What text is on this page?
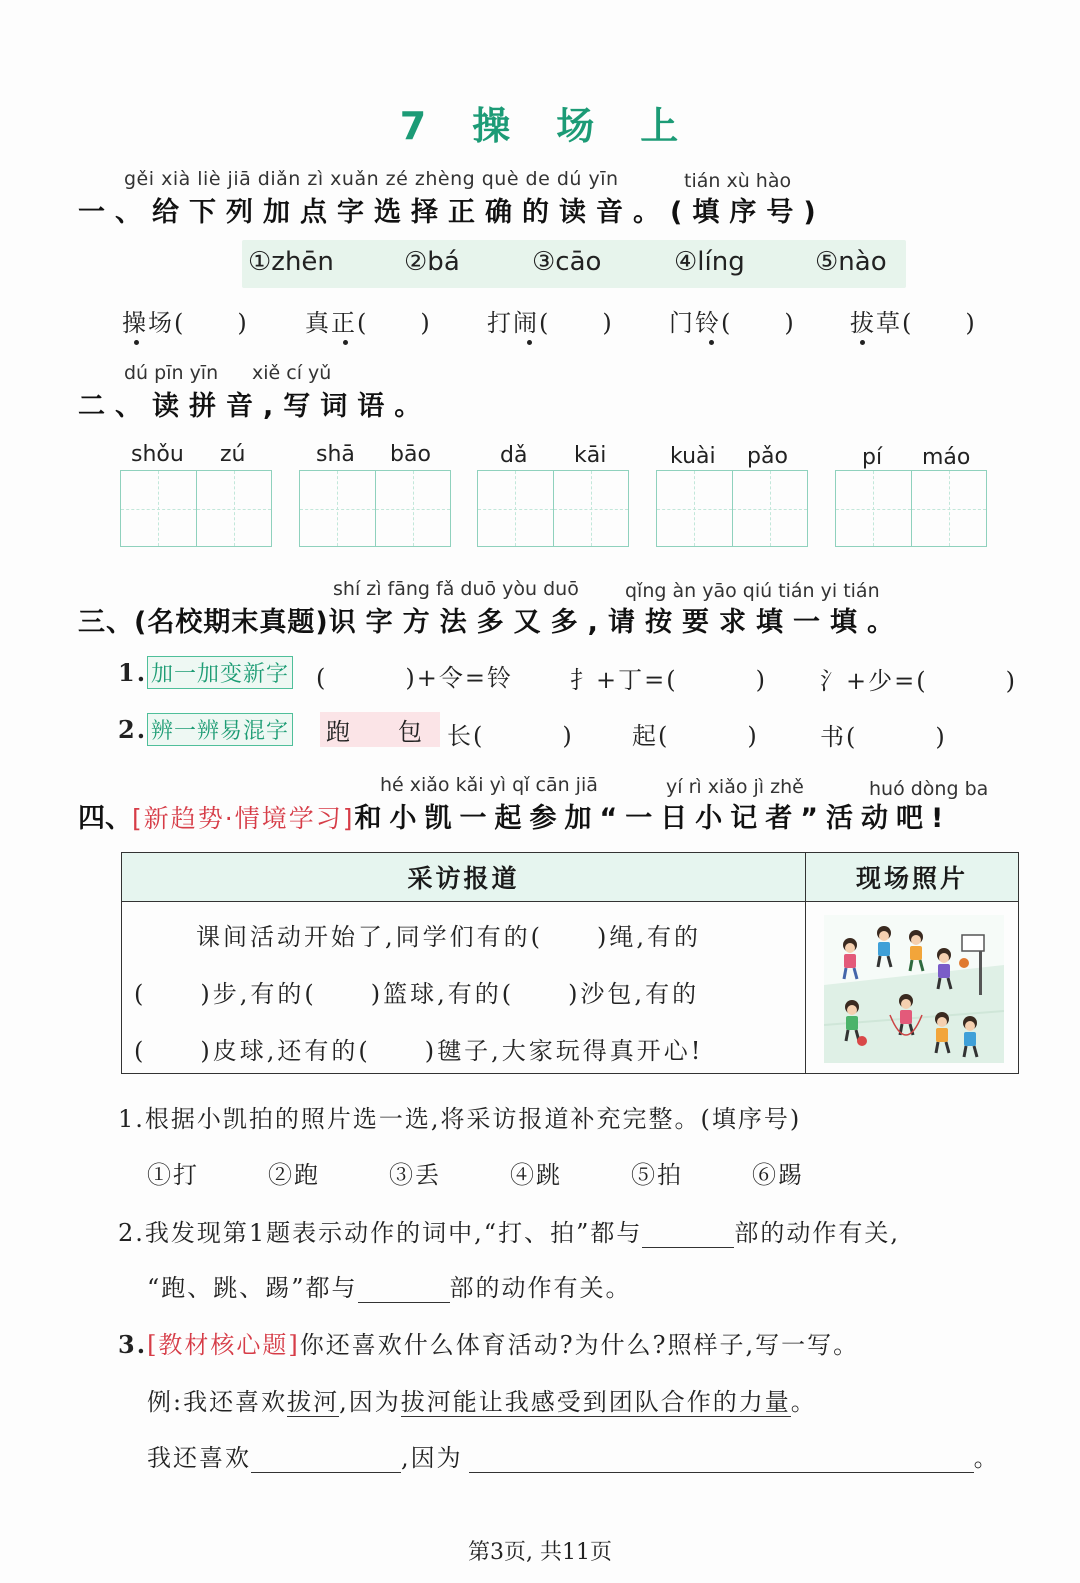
7 操 场 上
gěi xià liè jiā diǎn zì xuǎn zé zhèng què de dú yīn	tián xù hào
一、给下列加点字选择正确的读音。(填序号)
①zhēn	②bá	③cāo	④líng	⑤nào
操场(　　) 真正(　　) 打闹(　　) 门铃(　　) 拔草(　　)
dú pīn yīn xiě cí yǔ
二、读拼音,写词语。
shǒu zú	shā bāo	dǎ kāi	kuài pǎo	pí máo
shí zì fāng fǎ duō yòu duō qǐng àn yāo qiú tián yi tián
三、(名校期末真题)识字方法多又多,请按要求填一填。
1. 加一加变新字 (　　　)+令=铃 扌+丁=(　　　) 氵+少=(　　　)
2. 辨一辨易混字 跑　包 长(　　　) 起(　　　)	书(　　　)
hé xiǎo kǎi yì qǐ cān jiā	yí rì xiǎo jì zhě	huó dòng ba
四、[新趋势·情境学习]和小凯一起参加“一日小记者”活动吧!
采访报道	现场照片

课间活动开始了,同学们有的(　　)绳,有的
(　　)步,有的(　　)篮球,有的(　　)沙包,有的
(　　)皮球,还有的(　　)毽子,大家玩得真开心!
1.根据小凯拍的照片选一选,将采访报道补充完整。(填序号)
①打	②跑	③丢	④跳	⑤拍	⑥踢
2.我发现第1题表示动作的词中,“打、拍”都与	部的动作有关,
“跑、跳、踢”都与	部的动作有关。
3.[教材核心题]你还喜欢什么体育活动?为什么?照样子,写一写。
例:我还喜欢拔河,因为拔河能让我感受到团队合作的力量。
我还喜欢	,因为	。
第3页, 共11页
